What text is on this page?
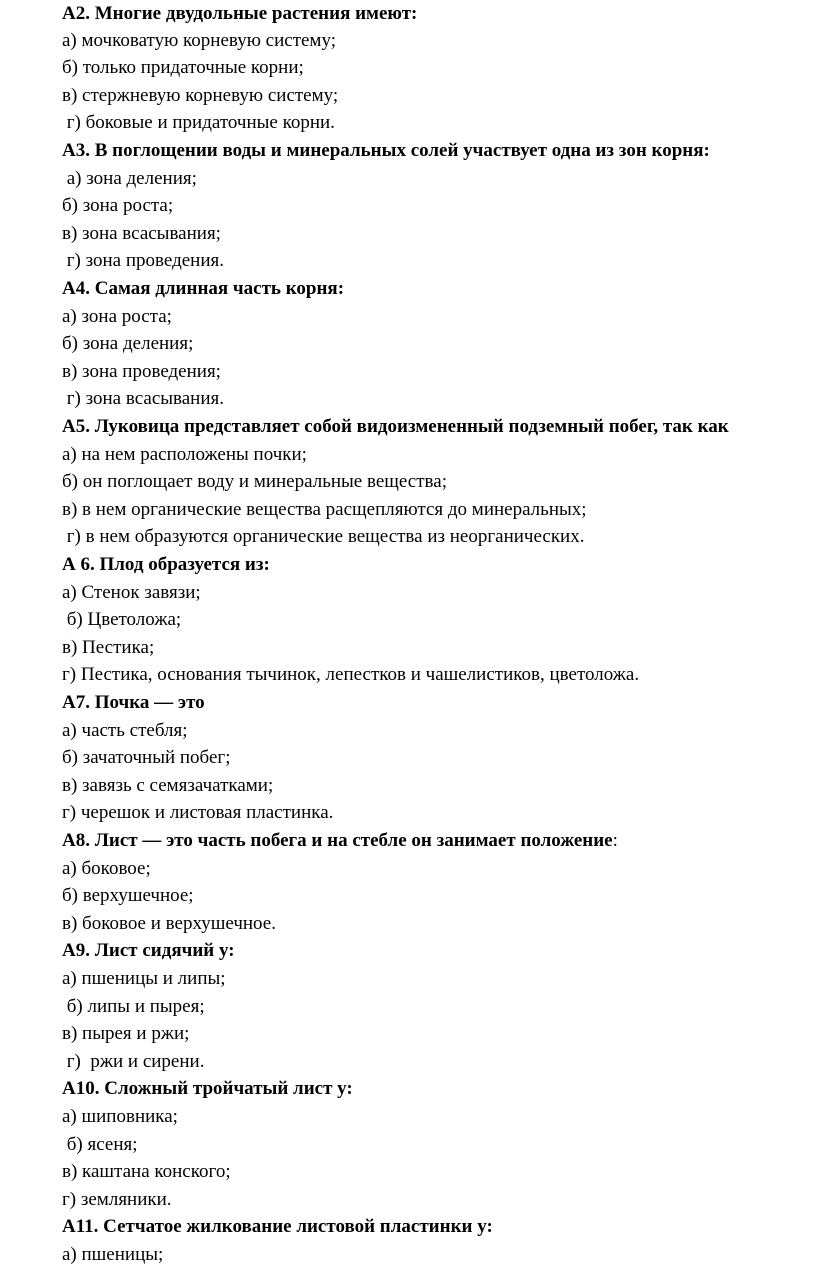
А2. Многие двудольные растения имеют:
а) мочковатую корневую систему;
б) только придаточные корни;
в) стержневую корневую систему;
г) боковые и придаточные корни.
А3. В поглощении воды и минеральных солей участвует одна из зон корня:
а) зона деления;
б) зона роста;
в) зона всасывания;
г) зона проведения.
А4. Самая длинная часть корня:
а) зона роста;
б) зона деления;
в) зона проведения;
г) зона всасывания.
А5. Луковица представляет собой видоизмененный подземный побег, так как
а) на нем расположены почки;
б) он поглощает воду и минеральные вещества;
в) в нем органические вещества расщепляются до минеральных;
г) в нем образуются органические вещества из неорганических.
А 6. Плод образуется из:
а) Стенок завязи;
б) Цветоложа;
в) Пестика;
г) Пестика, основания тычинок, лепестков и чашелистиков, цветоложа.
А7. Почка — это
а) часть стебля;
б) зачаточный побег;
в) завязь с семязачатками;
г) черешок и листовая пластинка.
А8. Лист — это часть побега и на стебле он занимает положение:
а) боковое;
б) верхушечное;
в) боковое и верхушечное.
А9. Лист сидячий у:
а) пшеницы и липы;
б) липы и пырея;
в) пырея и ржи;
г)  ржи и сирени.
А10. Сложный тройчатый лист у:
а) шиповника;
б) ясеня;
в) каштана конского;
г) земляники.
А11. Сетчатое жилкование листовой пластинки у:
а) пшеницы;
